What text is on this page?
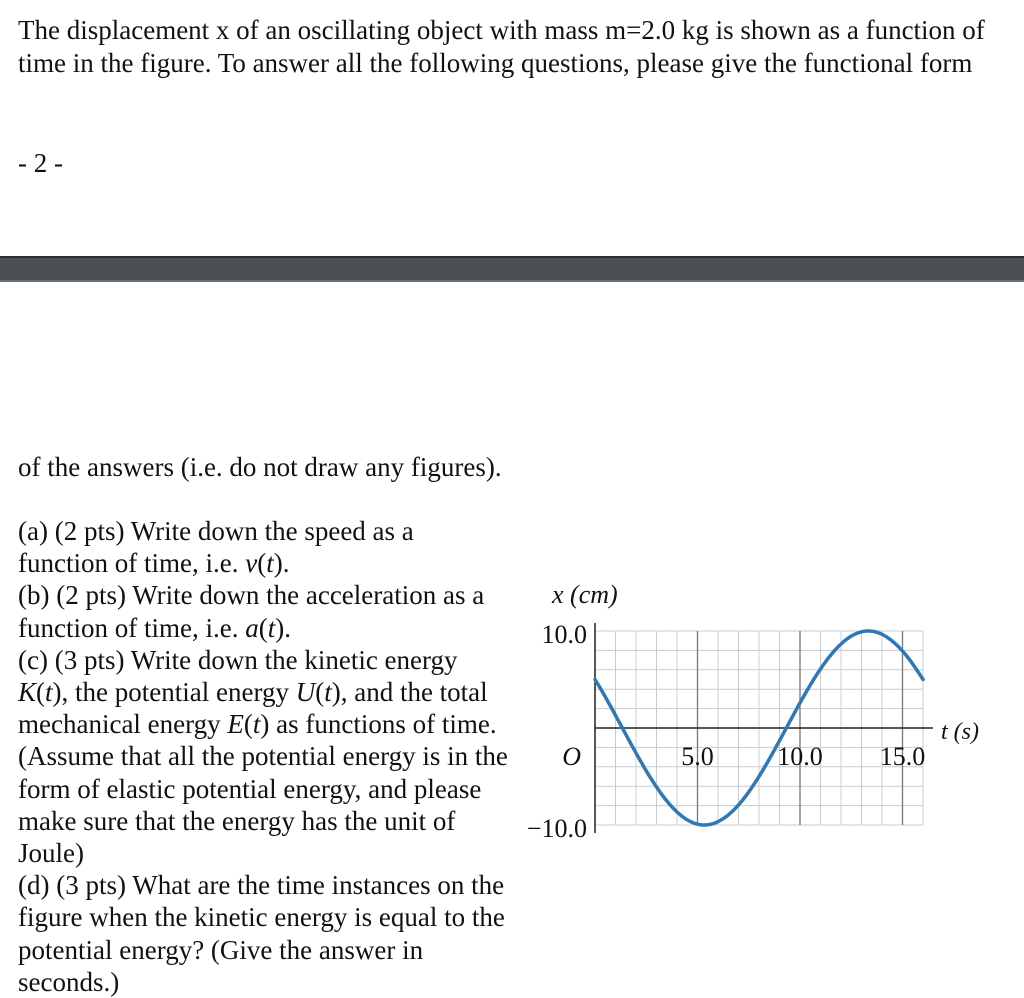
The displacement x of an oscillating object with mass m=2.0 kg is shown as a function of time in the figure. To answer all the following questions, please give the functional form
- 2 -
of the answers (i.e. do not draw any figures).

(a) (2 pts) Write down the speed as a function of time, i.e. v(t).

(b) (2 pts) Write down the acceleration as a function of time, i.e. a(t).

(c) (3 pts) Write down the kinetic energy K(t), the potential energy U(t), and the total mechanical energy E(t) as functions of time. (Assume that all the potential energy is in the form of elastic potential energy, and please make sure that the energy has the unit of Joule)

(d) (3 pts) What are the time instances on the figure when the kinetic energy is equal to the potential energy? (Give the answer in seconds.)

x (cm)
10.0
−10.0
O	5.0 10.0 15.0
t (s)
